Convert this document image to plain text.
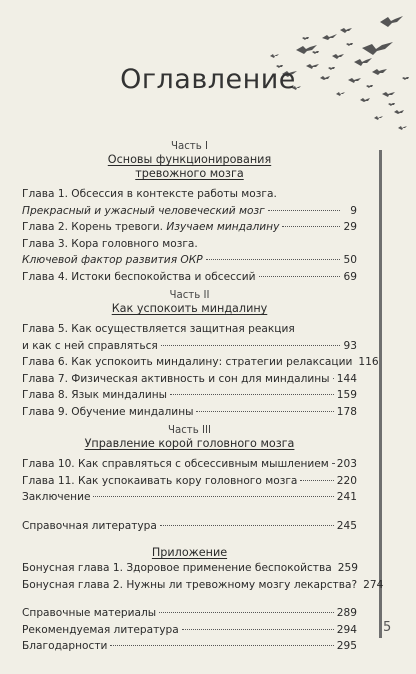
Оглавление
5
Часть I
Основы функционирования
тревожного мозга
Глава 1. Обсессия в контексте работы мозга.
Прекрасный и ужасный человеческий мозг	9
Глава 2. Корень тревоги. Изучаем миндалину	29
Глава 3. Кора головного мозга.
Ключевой фактор развития ОКР	50
Глава 4. Истоки беспокойства и обсессий	69
Часть II
Как успокоить миндалину
Глава 5. Как осуществляется защитная реакция
и как с ней справляться	93
Глава 6. Как успокоить миндалину: стратегии релаксации 116
Глава 7. Физическая активность и сон для миндалины 144
Глава 8. Язык миндалины	159
Глава 9. Обучение миндалины	178
Часть III
Управление корой головного мозга
Глава 10. Как справляться с обсессивным мышлением 203
Глава 11. Как успокаивать кору головного мозга	220
Заключение	241
Справочная литература	245
Приложение
Бонусная глава 1. Здоровое применение беспокойства 259
Бонусная глава 2. Нужны ли тревожному мозгу лекарства? 274
Справочные материалы	289
Рекомендуемая литература	294
Благодарности	295
